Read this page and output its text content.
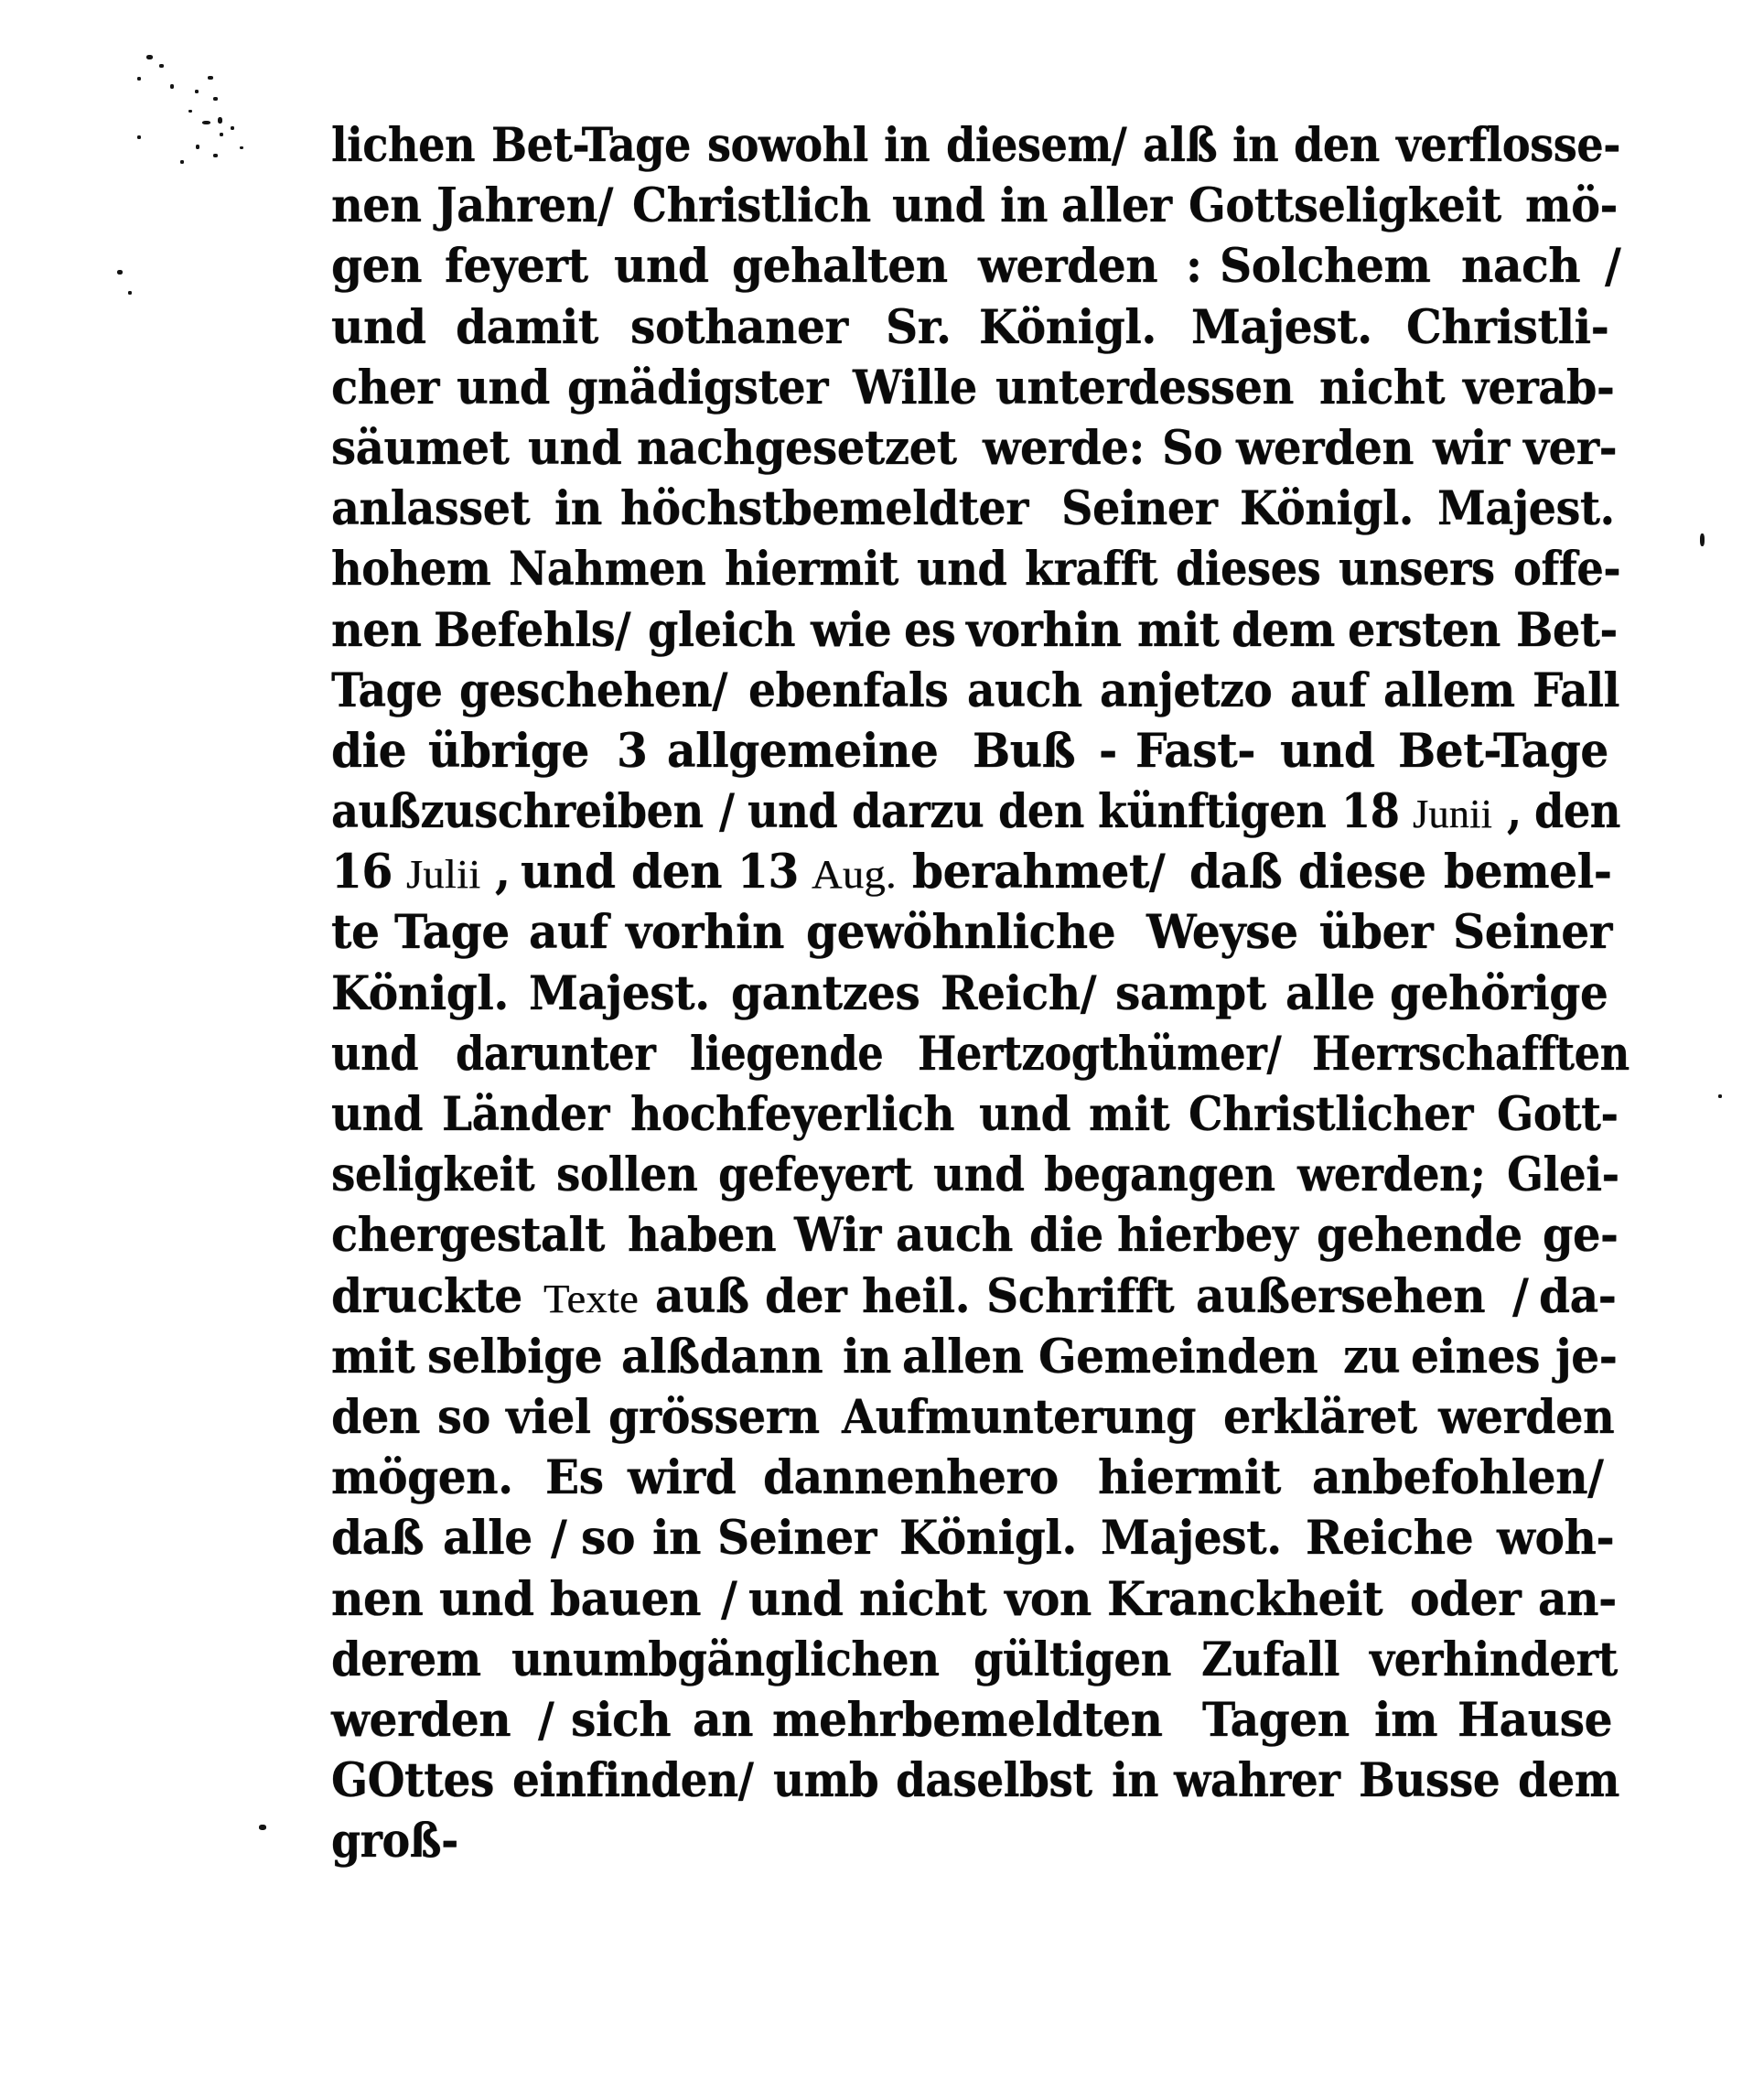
lichen Bet-Tage sowohl in diesem/ alß in den verflosse-
nen Jahren/ Christlich und in aller Gottseligkeit mö-
gen feyert und gehalten werden : Solchem nach /
und damit sothaner Sr. Königl. Majest. Christli-
cher und gnädigster Wille unterdessen nicht verab-
säumet und nachgesetzet werde: So werden wir ver-
anlasset in höchstbemeldter Seiner Königl. Majest.
hohem Nahmen hiermit und krafft dieses unsers offe-
nen Befehls/ gleich wie es vorhin mit dem ersten Bet-
Tage geschehen/ ebenfals auch anjetzo auf allem Fall
die übrige 3 allgemeine Buß - Fast- und Bet-Tage
außzuschreiben / und darzu den künftigen 18 Junii , den
16 Julii , und den 13 Aug. berahmet/ daß diese bemel-
te Tage auf vorhin gewöhnliche Weyse über Seiner
Königl. Majest. gantzes Reich/ sampt alle gehörige
und darunter liegende Hertzogthümer/ Herrschafften
und Länder hochfeyerlich und mit Christlicher Gott-
seligkeit sollen gefeyert und begangen werden; Glei-
chergestalt haben Wir auch die hierbey gehende ge-
druckte Texte auß der heil. Schrifft außersehen / da-
mit selbige alßdann in allen Gemeinden zu eines je-
den so viel grössern Aufmunterung erkläret werden
mögen. Es wird dannenhero hiermit anbefohlen/
daß alle / so in Seiner Königl. Majest. Reiche woh-
nen und bauen / und nicht von Kranckheit oder an-
derem unumbgänglichen gültigen Zufall verhindert
werden / sich an mehrbemeldten Tagen im Hause
GOttes einfinden/ umb daselbst in wahrer Busse dem
groß-
